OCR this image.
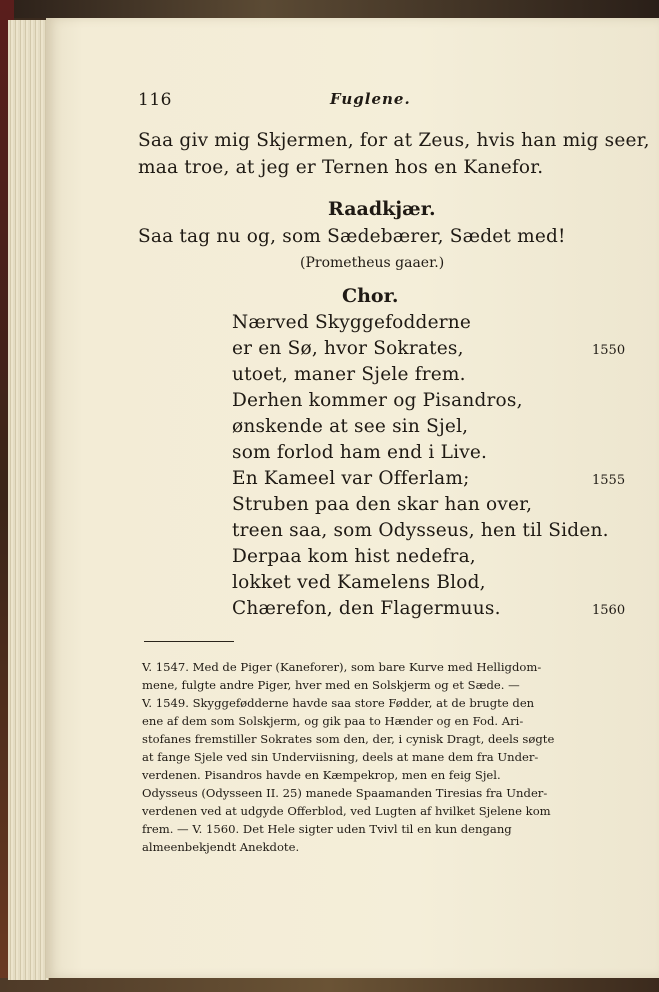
116	Fuglene.
Saa giv mig Skjermen, for at Zeus, hvis han mig seer,
maa troe, at jeg er Ternen hos en Kanefor.
Raadkjær.
Saa tag nu og, som Sædebærer, Sædet med!
(Prometheus gaaer.)
Chor.
Nærved Skyggefodderne
er en Sø, hvor Sokrates,
utoet, maner Sjele frem.
Derhen kommer og Pisandros,
ønskende at see sin Sjel,
som forlod ham end i Live.
En Kameel var Offerlam;
Struben paa den skar han over,
treen saa, som Odysseus, hen til Siden.
Derpaa kom hist nedefra,
lokket ved Kamelens Blod,
Chærefon, den Flagermuus.
1550
1555
1560
V. 1547. Med de Piger (Kaneforer), som bare Kurve med Helligdom-
mene, fulgte andre Piger, hver med en Solskjerm og et Sæde. —
V. 1549. Skyggefødderne havde saa store Fødder, at de brugte den
ene af dem som Solskjerm, og gik paa to Hænder og en Fod. Ari-
stofanes fremstiller Sokrates som den, der, i cynisk Dragt, deels søgte
at fange Sjele ved sin Underviisning, deels at mane dem fra Under-
verdenen. Pisandros havde en Kæmpekrop, men en feig Sjel.
Odysseus (Odysseen II. 25) manede Spaamanden Tiresias fra Under-
verdenen ved at udgyde Offerblod, ved Lugten af hvilket Sjelene kom
frem. — V. 1560. Det Hele sigter uden Tvivl til en kun dengang
almeenbekjendt Anekdote.
